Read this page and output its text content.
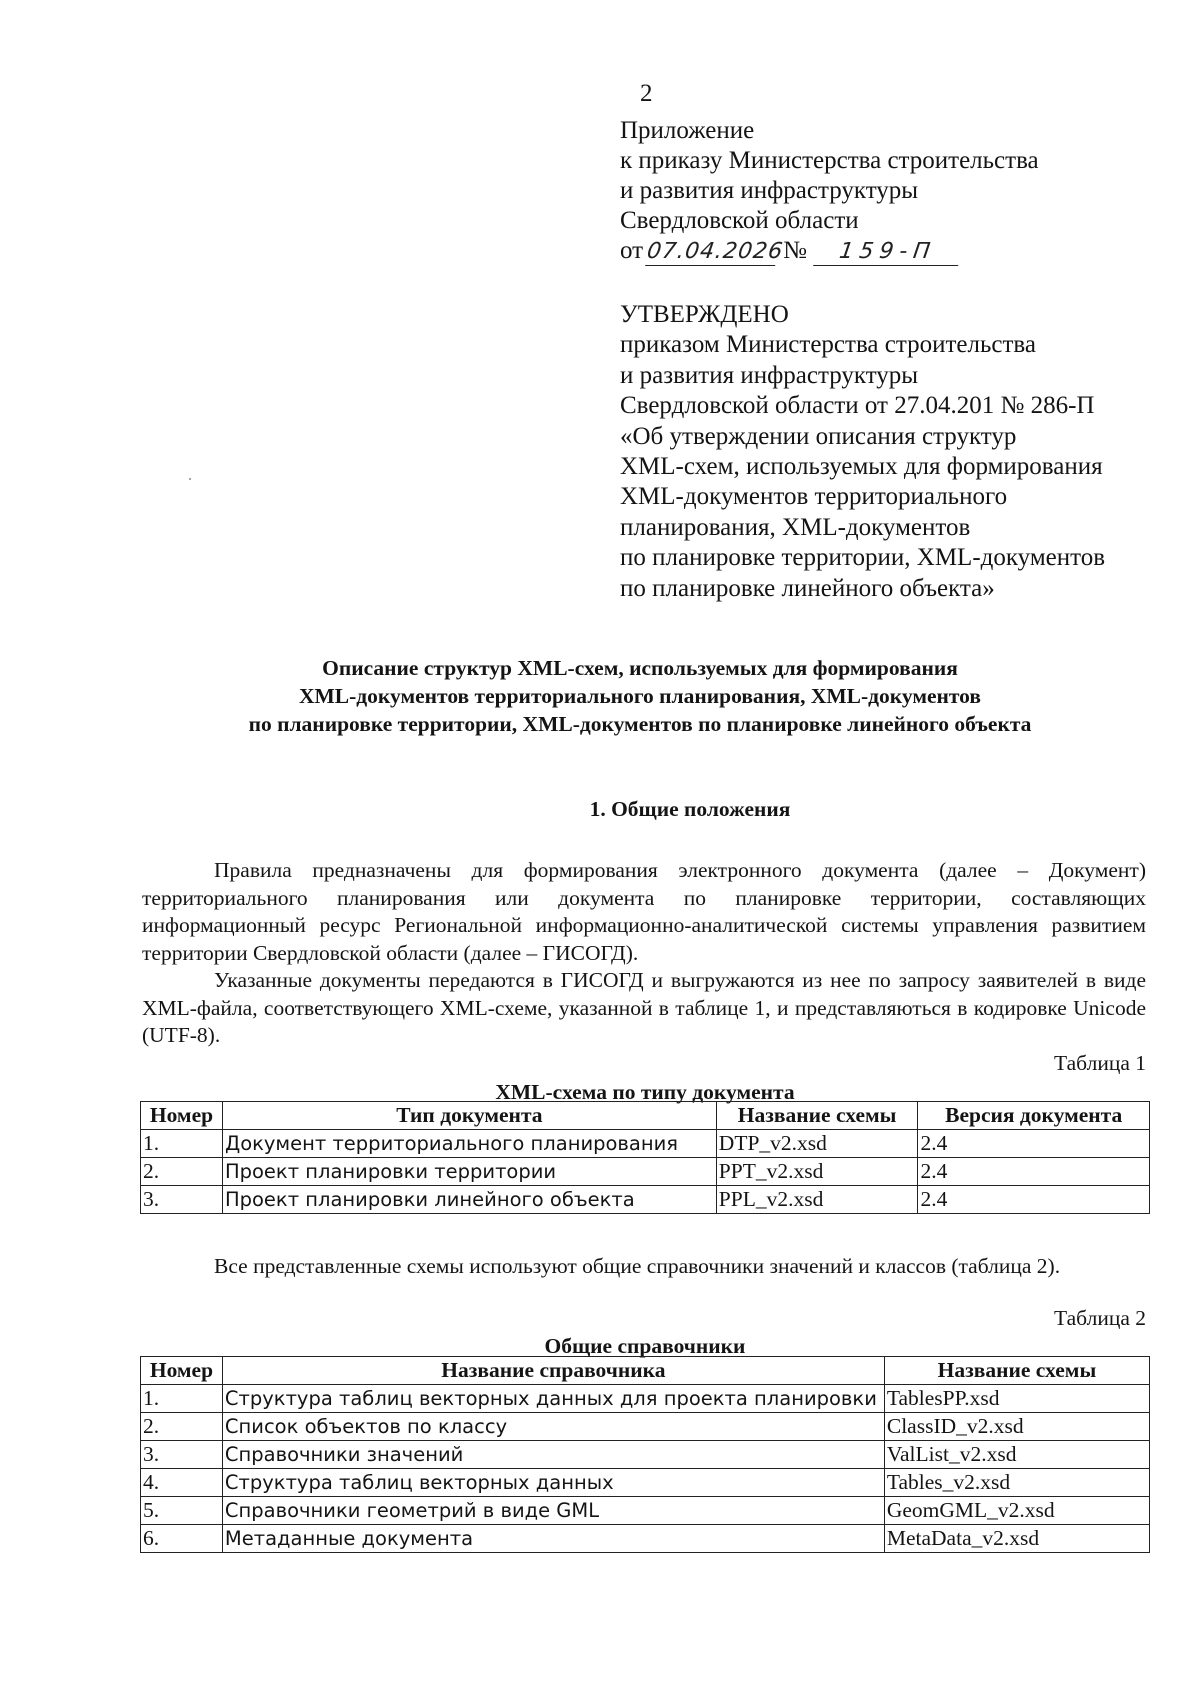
2
Приложение
к приказу Министерства строительства
и развития инфраструктуры
Свердловской области
от 07.04.2026
№	159-П
УТВЕРЖДЕНО
приказом Министерства строительства
и развития инфраструктуры
Свердловской области от 27.04.201 № 286-П
«Об утверждении описания структур
XML-схем, используемых для формирования
XML-документов территориального
планирования, XML-документов
по планировке территории, XML-документов
по планировке линейного объекта»
Описание структур XML-схем, используемых для формирования
XML-документов территориального планирования, XML-документов
по планировке территории, XML-документов по планировке линейного объекта
1. Общие положения

Правила предназначены для формирования электронного документа (далее – Документ) территориального планирования или документа по планировке территории, составляющих информационный ресурс Региональной информационно-аналитической системы управления развитием территории Свердловской области (далее – ГИСОГД).

Указанные документы передаются в ГИСОГД и выгружаются из нее по запросу заявителей в виде XML-файла, соответствующего XML-схеме, указанной в таблице 1, и представляються в кодировке Unicode (UTF-8).

Таблица 1
XML-схема по типу документа
Номер	Тип документа	Название схемы	Версия документа
1.	Документ территориального планирования	DTP_v2.xsd	2.4
2.	Проект планировки территории	PPT_v2.xsd	2.4
3.	Проект планировки линейного объекта	PPL_v2.xsd	2.4

Все представленные схемы используют общие справочники значений и классов (таблица 2).

Таблица 2
Общие справочники
Номер	Название справочника	Название схемы
1.	Структура таблиц векторных данных для проекта планировки	TablesPP.xsd
2.	Список объектов по классу	ClassID_v2.xsd
3.	Справочники значений	ValList_v2.xsd
4.	Структура таблиц векторных данных	Tables_v2.xsd
5.	Справочники геометрий в виде GML	GeomGML_v2.xsd
6.	Метаданные документа	MetaData_v2.xsd
